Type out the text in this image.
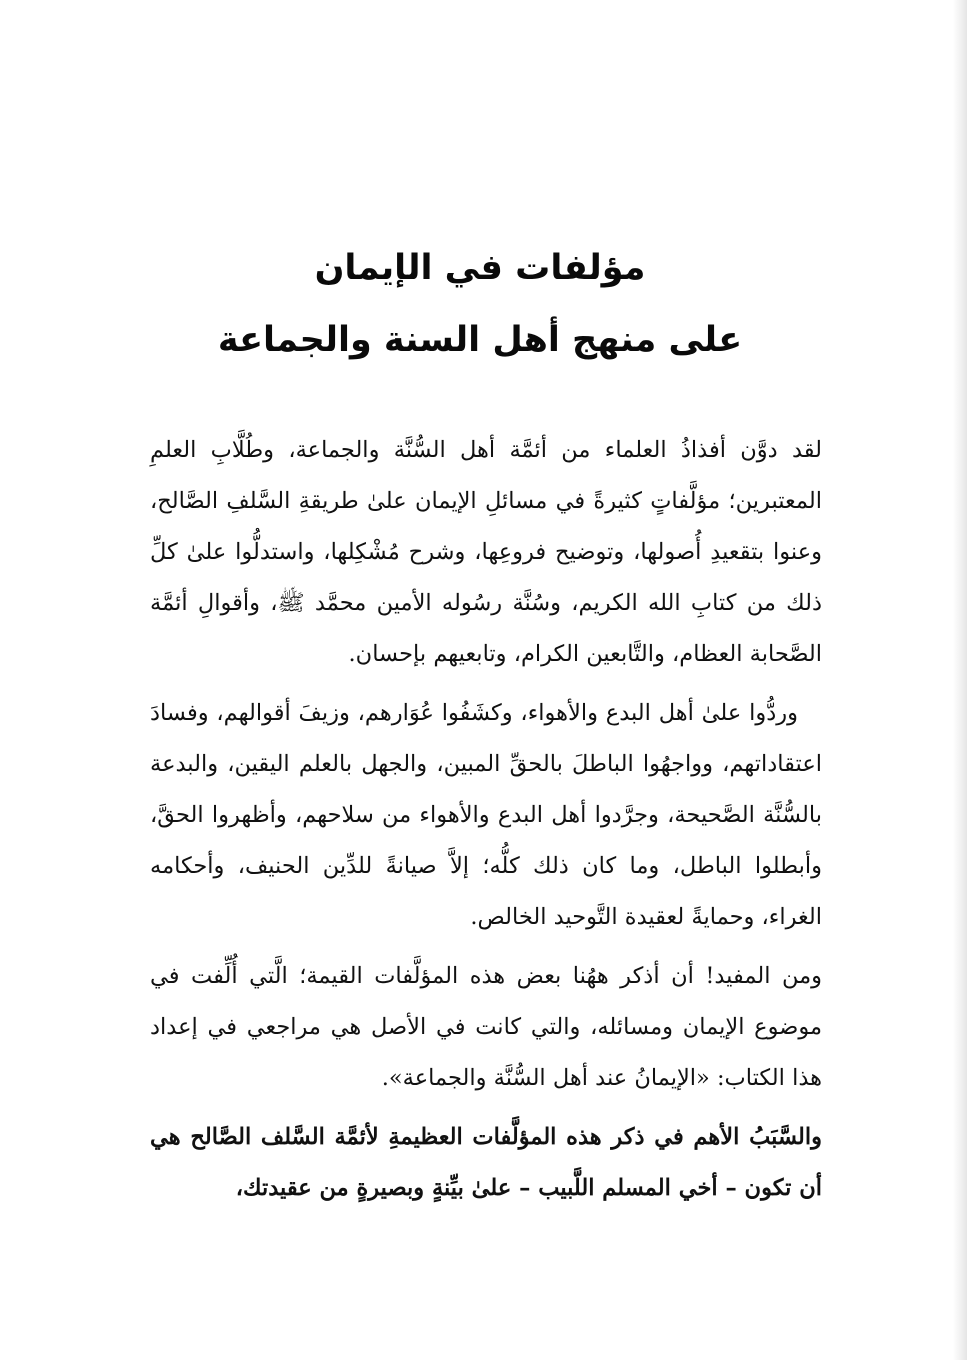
مؤلفات في الإيمان
على منهج أهل السنة والجماعة

لقد دوَّن أفذاذُ العلماء من أئمَّة أهل السُّنَّة والجماعة، وطُلَّابِ العلمِ المعتبرين؛ مؤلَّفاتٍ كثيرةً في مسائلِ الإيمان علىٰ طريقةِ السَّلفِ الصَّالح، وعنوا بتقعيدِ أُصولها، وتوضيح فروعِها، وشرح مُشْكِلها، واستدلُّوا علىٰ كلِّ ذلك من كتابِ الله الكريم، وسُنَّة رسُوله الأمين محمَّد ﷺ، وأقوالِ أئمَّة الصَّحابة العظام، والتَّابعين الكرام، وتابعيهم بإحسان.

وردُّوا علىٰ أهل البدع والأهواء، وكشَفُوا عُوَارهم، وزيفَ أقوالهم، وفسادَ اعتقاداتهم، وواجهُوا الباطلَ بالحقِّ المبين، والجهل بالعلم اليقين، والبدعة بالسُّنَّة الصَّحيحة، وجرَّدوا أهل البدع والأهواء من سلاحهم، وأظهروا الحقَّ، وأبطلوا الباطل، وما كان ذلك كلُّه؛ إلاَّ صيانةً للدِّين الحنيف، وأحكامه الغراء، وحمايةً لعقيدة التَّوحيد الخالص.

ومن المفيد! أن أذكر ههُنا بعض هذه المؤلَّفات القيمة؛ الَّتي أُلِّفت في موضوع الإيمان ومسائله، والتي كانت في الأصل هي مراجعي في إعداد هذا الكتاب: «الإيمانُ عند أهل السُّنَّة والجماعة».

والسَّبَبُ الأهم في ذكر هذه المؤلَّفات العظيمةِ لأئمَّة السَّلف الصَّالح هي أن تكون – أخي المسلم اللَّبيب – علىٰ بيِّنةٍ وبصيرةٍ من عقيدتك،
